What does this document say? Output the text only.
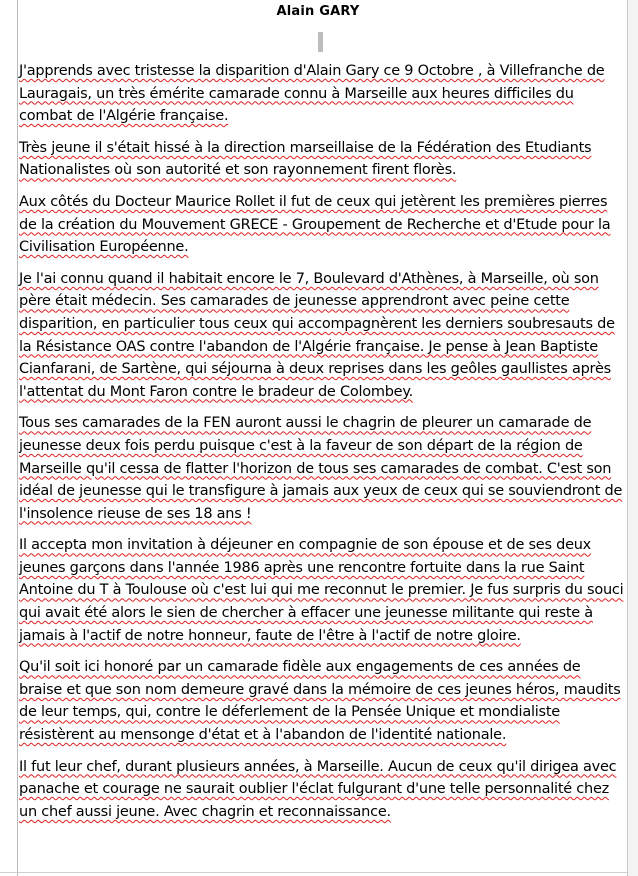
Alain GARY

J'apprends avec tristesse la disparition d'Alain Gary ce 9 Octobre , à Villefranche de Lauragais, un très émérite camarade connu à Marseille aux heures difficiles du combat de l'Algérie française.

Très jeune il s'était hissé à la direction marseillaise de la Fédération des Etudiants Nationalistes où son autorité et son rayonnement firent florès.

Aux côtés du Docteur Maurice Rollet il fut de ceux qui jetèrent les premières pierres de la création du Mouvement GRECE - Groupement de Recherche et d'Etude pour la Civilisation Européenne.

Je l'ai connu quand il habitait encore le 7, Boulevard d'Athènes, à Marseille, où son père était médecin. Ses camarades de jeunesse apprendront avec peine cette disparition, en particulier tous ceux qui accompagnèrent les derniers soubresauts de la Résistance OAS contre l'abandon de l'Algérie française. Je pense à Jean Baptiste Cianfarani, de Sartène, qui séjourna à deux reprises dans les geôles gaullistes après l'attentat du Mont Faron contre le bradeur de Colombey.

Tous ses camarades de la FEN auront aussi le chagrin de pleurer un camarade de jeunesse deux fois perdu puisque c'est à la faveur de son départ de la région de Marseille qu'il cessa de flatter l'horizon de tous ses camarades de combat. C'est son idéal de jeunesse qui le transfigure à jamais aux yeux de ceux qui se souviendront de l'insolence rieuse de ses 18 ans !

Il accepta mon invitation à déjeuner en compagnie de son épouse et de ses deux jeunes garçons dans l'année 1986 après une rencontre fortuite dans la rue Saint Antoine du T à Toulouse où c'est lui qui me reconnut le premier. Je fus surpris du souci qui avait été alors le sien de chercher à effacer une jeunesse militante qui reste à jamais à l'actif de notre honneur, faute de l'être à l'actif de notre gloire.

Qu'il soit ici honoré par un camarade fidèle aux engagements de ces années de braise et que son nom demeure gravé dans la mémoire de ces jeunes héros, maudits de leur temps, qui, contre le déferlement de la Pensée Unique et mondialiste résistèrent au mensonge d'état et à l'abandon de l'identité nationale.

Il fut leur chef, durant plusieurs années, à Marseille. Aucun de ceux qu'il dirigea avec panache et courage ne saurait oublier l'éclat fulgurant d'une telle personnalité chez un chef aussi jeune. Avec chagrin et reconnaissance.
